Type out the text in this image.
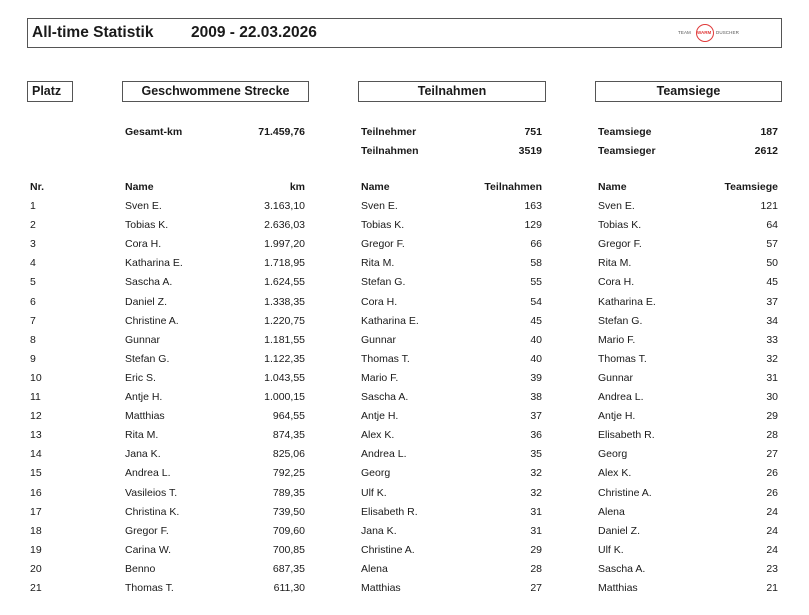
All-time Statistik 2009 - 22.03.2026	TEAM WARM DUSCHER
Platz	Geschwommene Strecke	Teilnahmen	Teamsiege
Gesamt-km	71.459,76	Teilnehmer	751
Teilnahmen	3519
Teamsiege	187
Teamsieger	2612
Nr.	Name	km	Name	Teilnahmen	Name	Teamsiege
1	Sven E.	3.163,10	Sven E.	163	Sven E.	121
2	Tobias K.	2.636,03	Tobias K.	129	Tobias K.	64
3	Cora H.	1.997,20	Gregor F.	66	Gregor F.	57
4	Katharina E.	1.718,95	Rita M.	58	Rita M.	50
5	Sascha A.	1.624,55	Stefan G.	55	Cora H.	45
6	Daniel Z.	1.338,35	Cora H.	54	Katharina E.	37
7	Christine A.	1.220,75	Katharina E.	45	Stefan G.	34
8	Gunnar	1.181,55	Gunnar	40	Mario F.	33
9	Stefan G.	1.122,35	Thomas T.	40	Thomas T.	32
10	Eric S.	1.043,55	Mario F.	39	Gunnar	31
11	Antje H.	1.000,15	Sascha A.	38	Andrea L.	30
12	Matthias	964,55	Antje H.	37	Antje H.	29
13	Rita M.	874,35	Alex K.	36	Elisabeth R.	28
14	Jana K.	825,06	Andrea L.	35	Georg	27
15	Andrea L.	792,25	Georg	32	Alex K.	26
16	Vasileios T.	789,35	Ulf K.	32	Christine A.	26
17	Christina K.	739,50	Elisabeth R.	31	Alena	24
18	Gregor F.	709,60	Jana K.	31	Daniel Z.	24
19	Carina W.	700,85	Christine A.	29	Ulf K.	24
20	Benno	687,35	Alena	28	Sascha A.	23
21	Thomas T.	611,30	Matthias	27	Matthias	21
